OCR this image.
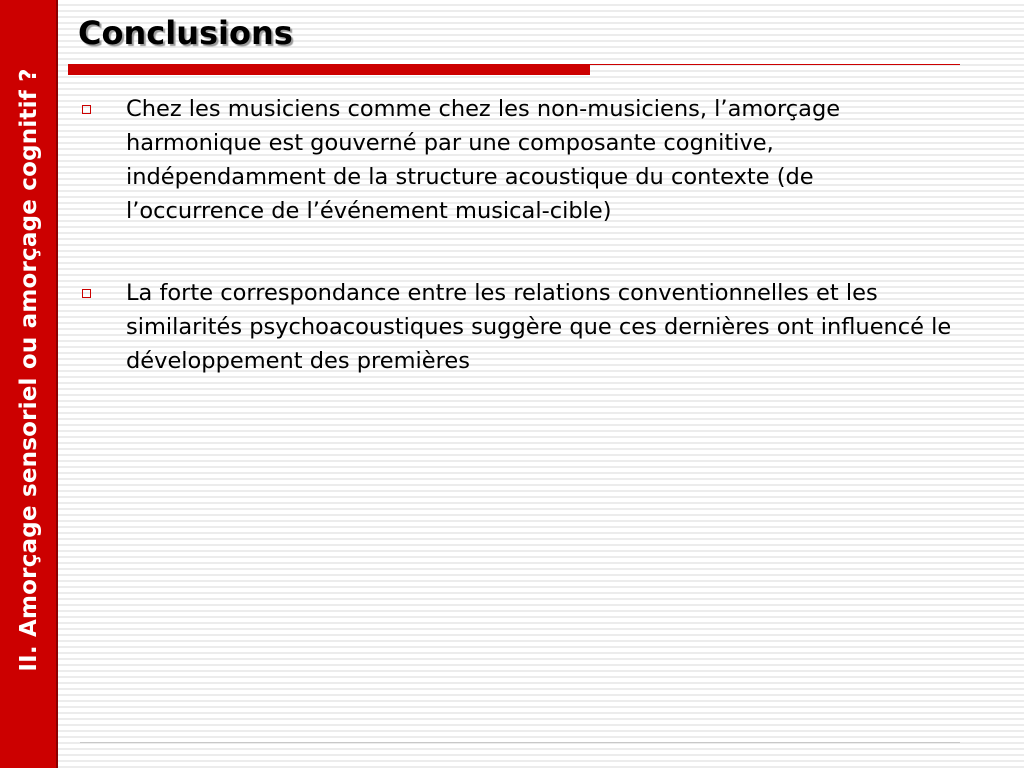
II. Amorçage sensoriel ou amorçage cognitif ?
Conclusions
Chez les musiciens comme chez les non-musiciens, l’amorçage harmonique est gouverné par une composante cognitive, indépendamment de la structure acoustique du contexte (de l’occurrence de l’événement musical-cible)
La forte correspondance entre les relations conventionnelles et les similarités psychoacoustiques suggère que ces dernières ont influencé le développement des premières
